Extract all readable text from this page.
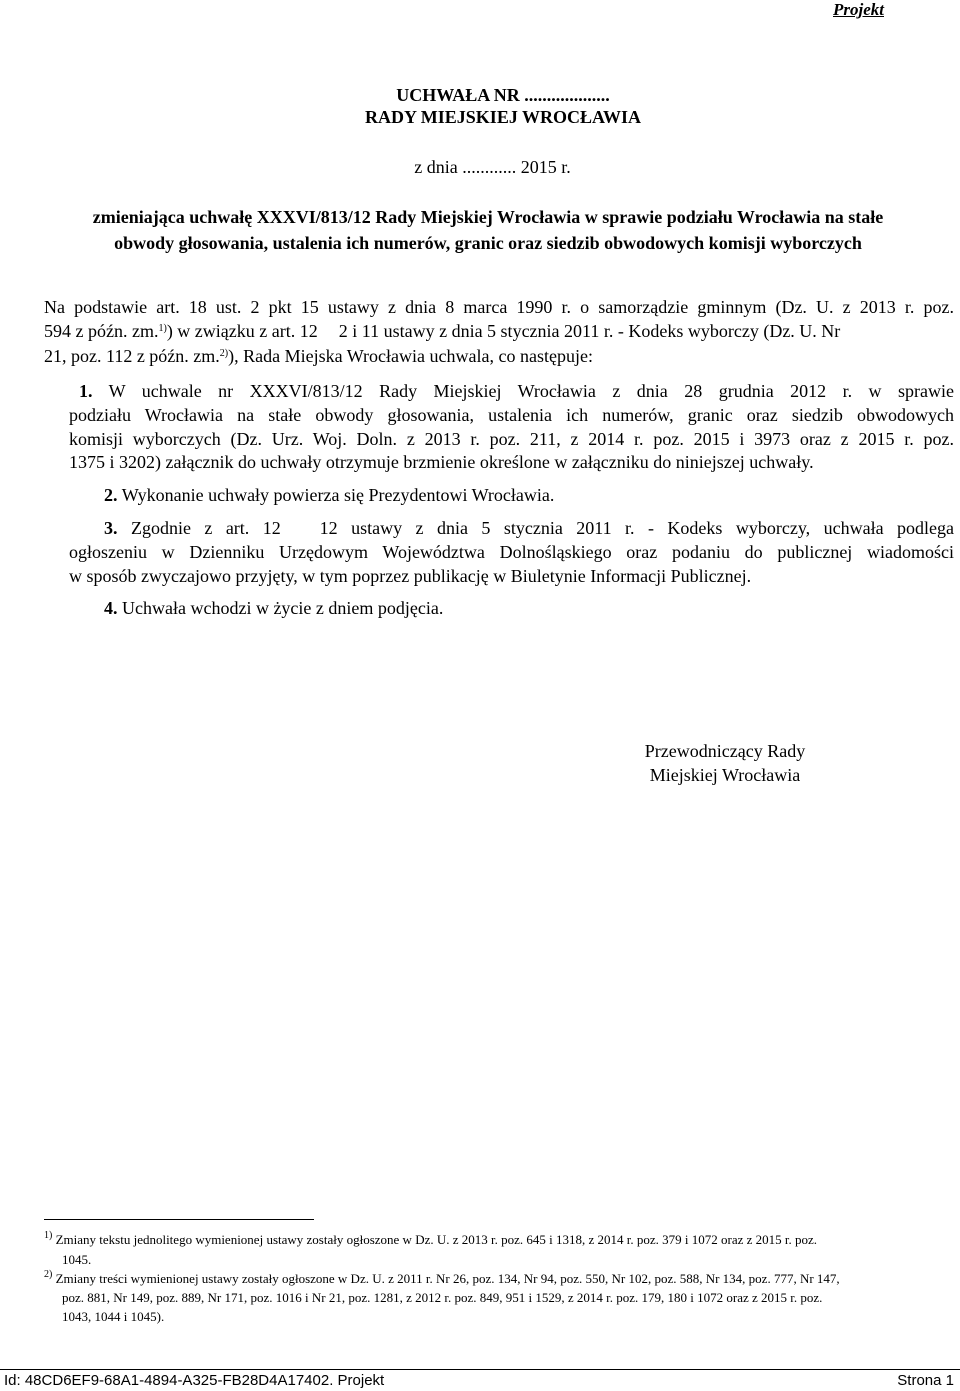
Projekt
UCHWAŁA NR ...................
RADY MIEJSKIEJ WROCŁAWIA
z dnia ............ 2015 r.
zmieniająca uchwałę XXXVI/813/12 Rady Miejskiej Wrocławia w sprawie podziału Wrocławia na stałe
obwody głosowania, ustalenia ich numerów, granic oraz siedzib obwodowych komisji wyborczych
Na podstawie art. 18 ust. 2 pkt 15 ustawy z dnia 8 marca 1990 r. o samorządzie gminnym (Dz. U. z 2013 r. poz.
594 z późn. zm.$^{1)}$) w związku z art. 12 2 i 11 ustawy z dnia 5 stycznia 2011 r. - Kodeks wyborczy (Dz. U. Nr
21, poz. 112 z późn. zm.$^{2)}$), Rada Miejska Wrocławia uchwala, co następuje:
1. W uchwale nr XXXVI/813/12 Rady Miejskiej Wrocławia z dnia 28 grudnia 2012 r. w sprawie
podziału Wrocławia na stałe obwody głosowania, ustalenia ich numerów, granic oraz siedzib obwodowych
komisji wyborczych (Dz. Urz. Woj. Doln. z 2013 r. poz. 211, z 2014 r. poz. 2015 i 3973 oraz z 2015 r. poz.
1375 i 3202) załącznik do uchwały otrzymuje brzmienie określone w załączniku do niniejszej uchwały.
2. Wykonanie uchwały powierza się Prezydentowi Wrocławia.
3. Zgodnie z art. 12 12 ustawy z dnia 5 stycznia 2011 r. - Kodeks wyborczy, uchwała podlega
ogłoszeniu w Dzienniku Urzędowym Województwa Dolnośląskiego oraz podaniu do publicznej wiadomości
w sposób zwyczajowo przyjęty, w tym poprzez publikację w Biuletynie Informacji Publicznej.
4. Uchwała wchodzi w życie z dniem podjęcia.
Przewodniczący Rady
Miejskiej Wrocławia
$^{1)}$ Zmiany tekstu jednolitego wymienionej ustawy zostały ogłoszone w Dz. U. z 2013 r. poz. 645 i 1318, z 2014 r. poz. 379 i 1072 oraz z 2015 r. poz.
1045.
$^{2)}$ Zmiany treści wymienionej ustawy zostały ogłoszone w Dz. U. z 2011 r. Nr 26, poz. 134, Nr 94, poz. 550, Nr 102, poz. 588, Nr 134, poz. 777, Nr 147,
poz. 881, Nr 149, poz. 889, Nr 171, poz. 1016 i Nr 21, poz. 1281, z 2012 r. poz. 849, 951 i 1529, z 2014 r. poz. 179, 180 i 1072 oraz z 2015 r. poz.
1043, 1044 i 1045).
Id: 48CD6EF9-68A1-4894-A325-FB28D4A17402. Projekt	Strona 1
